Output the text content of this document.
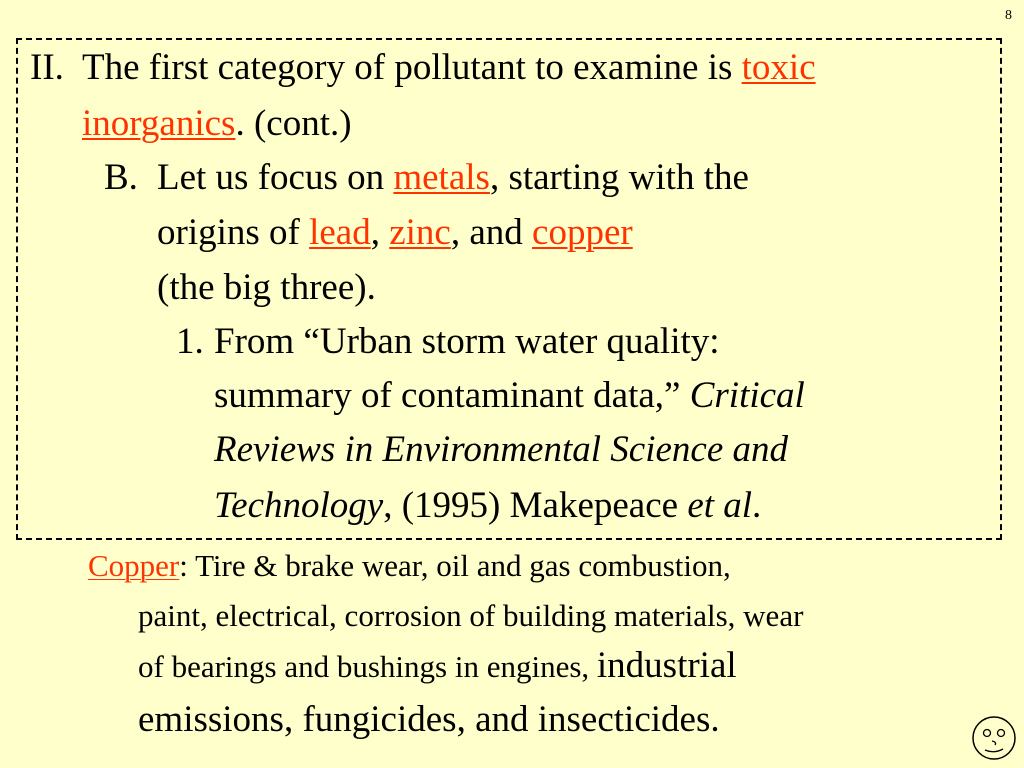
8
II. The first category of pollutant to examine is toxic
inorganics. (cont.)
B. Let us focus on metals, starting with the
origins of lead, zinc, and copper
(the big three).
1. From “Urban storm water quality:
summary of contaminant data,” Critical
Reviews in Environmental Science and
Technology, (1995) Makepeace et al.
Copper: Tire & brake wear, oil and gas combustion,
paint, electrical, corrosion of building materials, wear
of bearings and bushings in engines, industrial
emissions, fungicides, and insecticides.
